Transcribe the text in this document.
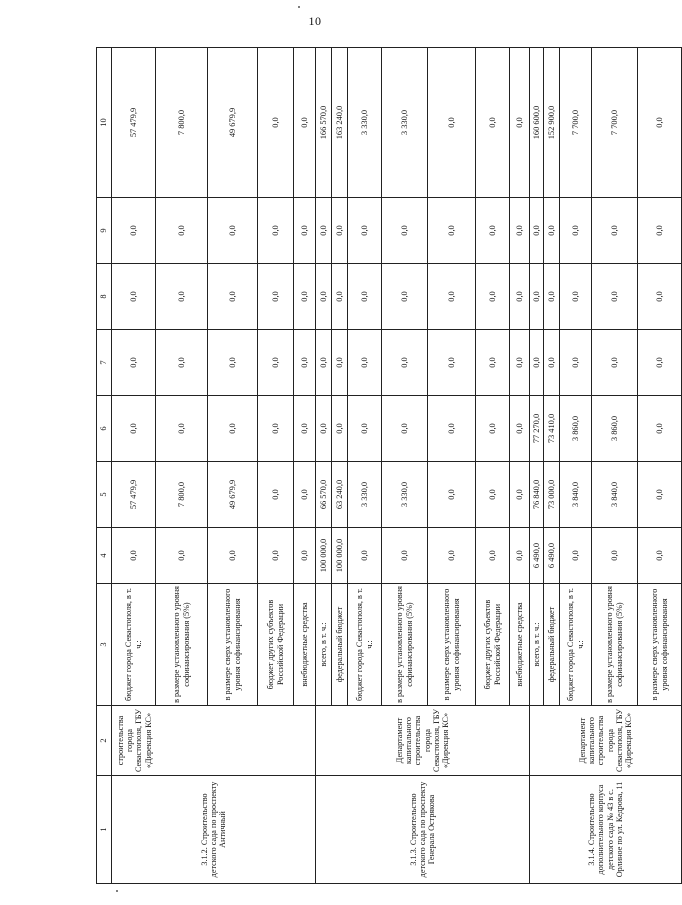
10
1	2	3	4	5	6	7	8	9	10
3.1.2. Строительство детского сада по проспекту Античный	строительства города Севастополя, ГБУ «Дирекция КС»	бюджет города Севастополя, в т. ч.:	0,0	57 479,9	0,0	0,0	0,0	0,0	57 479,9
		в размере установленного уровня софинансирования (5%)	0,0	7 800,0	0,0	0,0	0,0	0,0	7 800,0
		в размере сверх установленного уровня софинансирования	0,0	49 679,9	0,0	0,0	0,0	0,0	49 679,9
		бюджет других субъектов Российской Федерации	0,0	0,0	0,0	0,0	0,0	0,0	0,0
		внебюджетные средства	0,0	0,0	0,0	0,0	0,0	0,0	0,0
3.1.3. Строительство детского сада по проспекту Генерала Острякова	Департамент капитального строительства города Севастополя, ГБУ «Дирекция КС»	всего, в т. ч.:	100 000,0	66 570,0	0,0	0,0	0,0	0,0	166 570,0
		федеральный бюджет	100 000,0	63 240,0	0,0	0,0	0,0	0,0	163 240,0
		бюджет города Севастополя, в т. ч.:	0,0	3 330,0	0,0	0,0	0,0	0,0	3 330,0
		в размере установленного уровня софинансирования (5%)	0,0	3 330,0	0,0	0,0	0,0	0,0	3 330,0
		в размере сверх установленного уровня софинансирования	0,0	0,0	0,0	0,0	0,0	0,0	0,0
		бюджет других субъектов Российской Федерации	0,0	0,0	0,0	0,0	0,0	0,0	0,0
		внебюджетные средства	0,0	0,0	0,0	0,0	0,0	0,0	0,0
3.1.4. Строительство дополнительного корпуса детского сада № 43 в с. Орлиное по ул. Кедрова, 11	Департамент капитального строительства города Севастополя, ГБУ «Дирекция КС»	всего, в т. ч.:	6 490,0	76 840,0	77 270,0	0,0	0,0	0,0	160 600,0
		федеральный бюджет	6 490,0	73 000,0	73 410,0	0,0	0,0	0,0	152 900,0
		бюджет города Севастополя, в т. ч.:	0,0	3 840,0	3 860,0	0,0	0,0	0,0	7 700,0
		в размере установленного уровня софинансирования (5%)	0,0	3 840,0	3 860,0	0,0	0,0	0,0	7 700,0
		в размере сверх установленного уровня софинансирования	0,0	0,0	0,0	0,0	0,0	0,0	0,0
